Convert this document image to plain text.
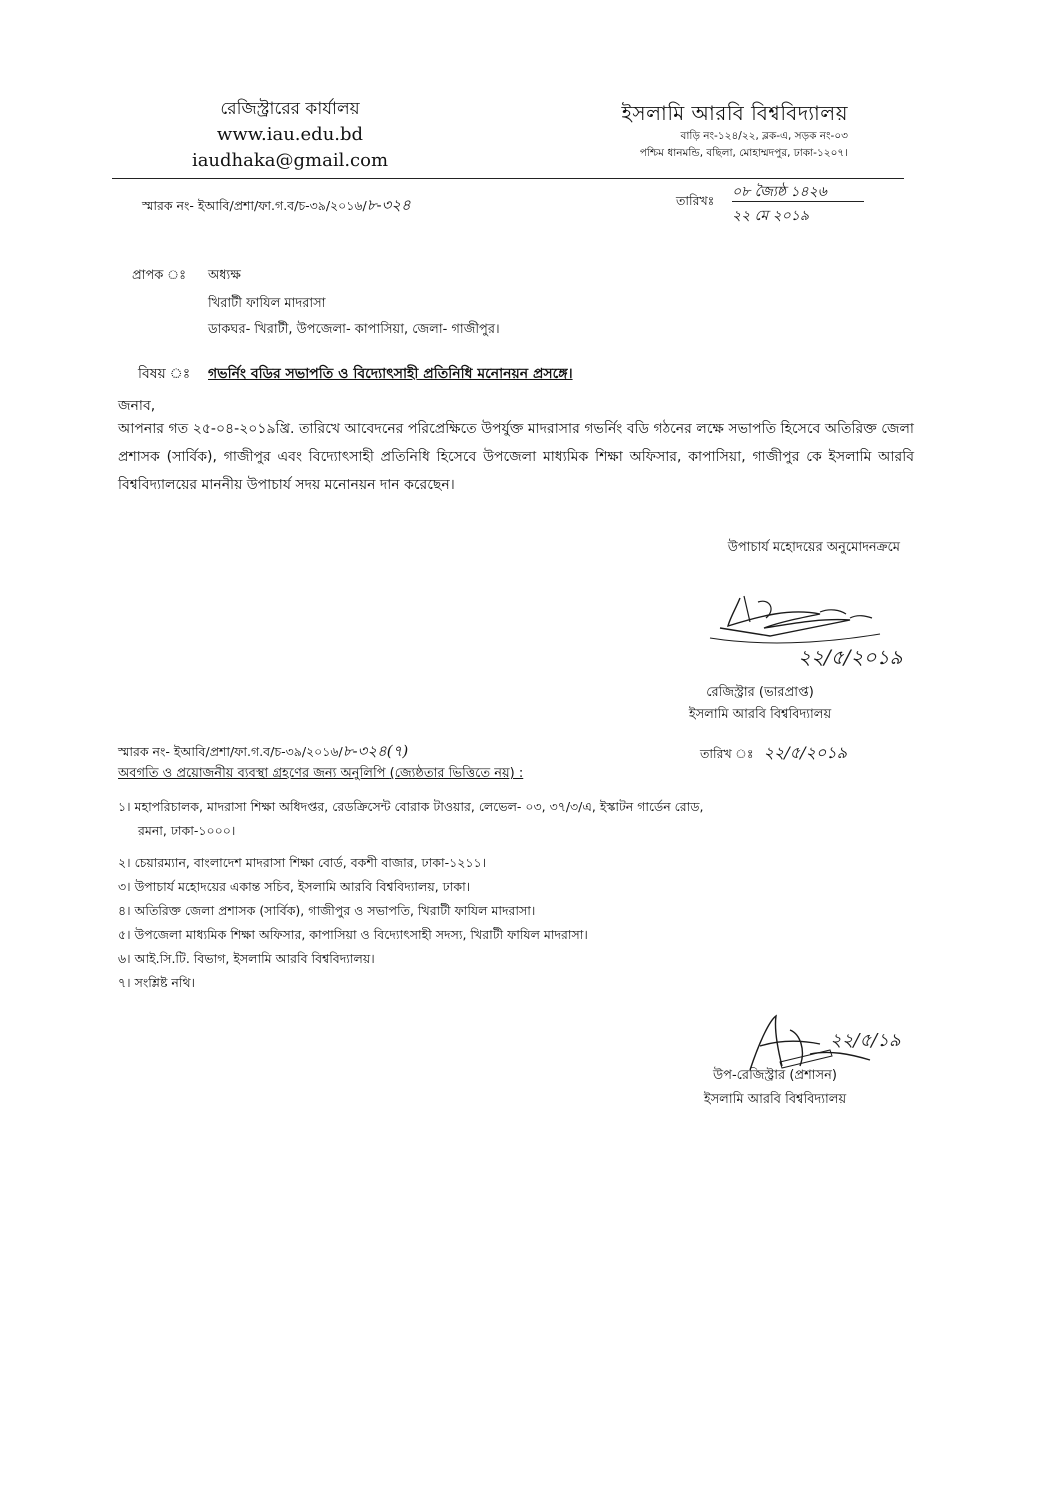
রেজিস্ট্রারের কার্যালয়
www.iau.edu.bd
iaudhaka@gmail.com
ইসলামি আরবি বিশ্ববিদ্যালয়
বাড়ি নং-১২৪/২২, ব্লক-এ, সড়ক নং-০৩
পশ্চিম ধানমন্ডি, বছিলা, মোহাম্মদপুর, ঢাকা-১২০৭।
স্মারক নং- ইআবি/প্রশা/ফা.গ.ব/চ-৩৯/২০১৬/৮-৩২৪	তারিখঃ
০৮ জ্যৈষ্ঠ ১৪২৬
২২ মে ২০১৯
প্রাপক ঃ অধ্যক্ষ
খিরাটী ফাযিল মাদরাসা
ডাকঘর- খিরাটী, উপজেলা- কাপাসিয়া, জেলা- গাজীপুর।
বিষয় ঃ গভর্নিং বডির সভাপতি ও বিদ্যোৎসাহী প্রতিনিধি মনোনয়ন প্রসঙ্গে।
জনাব,
আপনার গত ২৫-০৪-২০১৯খ্রি. তারিখে আবেদনের পরিপ্রেক্ষিতে উপর্যুক্ত মাদরাসার গভর্নিং বডি গঠনের লক্ষে সভাপতি হিসেবে অতিরিক্ত জেলা প্রশাসক (সার্বিক), গাজীপুর এবং বিদ্যোৎসাহী প্রতিনিধি হিসেবে উপজেলা মাধ্যমিক শিক্ষা অফিসার, কাপাসিয়া, গাজীপুর কে ইসলামি আরবি বিশ্ববিদ্যালয়ের মাননীয় উপাচার্য সদয় মনোনয়ন দান করেছেন।
উপাচার্য মহোদয়ের অনুমোদনক্রমে
২২/৫/২০১৯
রেজিস্ট্রার (ভারপ্রাপ্ত)
ইসলামি আরবি বিশ্ববিদ্যালয়
স্মারক নং- ইআবি/প্রশা/ফা.গ.ব/চ-৩৯/২০১৬/৮-৩২৪(৭)	তারিখ ঃ ২২/৫/২০১৯
অবগতি ও প্রয়োজনীয় ব্যবস্থা গ্রহণের জন্য অনুলিপি (জ্যেষ্ঠতার ভিত্তিতে নয়) :
১। মহাপরিচালক, মাদরাসা শিক্ষা অধিদপ্তর, রেডক্রিসেন্ট বোরাক টাওয়ার, লেভেল- ০৩, ৩৭/৩/এ, ইস্কাটন গার্ডেন রোড,
রমনা, ঢাকা-১০০০।
২। চেয়ারম্যান, বাংলাদেশ মাদরাসা শিক্ষা বোর্ড, বকশী বাজার, ঢাকা-১২১১।
৩। উপাচার্য মহোদয়ের একান্ত সচিব, ইসলামি আরবি বিশ্ববিদ্যালয়, ঢাকা।
৪। অতিরিক্ত জেলা প্রশাসক (সার্বিক), গাজীপুর ও সভাপতি, খিরাটী ফাযিল মাদরাসা।
৫। উপজেলা মাধ্যমিক শিক্ষা অফিসার, কাপাসিয়া ও বিদ্যোৎসাহী সদস্য, খিরাটী ফাযিল মাদরাসা।
৬। আই.সি.টি. বিভাগ, ইসলামি আরবি বিশ্ববিদ্যালয়।
৭। সংশ্লিষ্ট নথি।
২২/৫/১৯
উপ-রেজিস্ট্রার (প্রশাসন)
ইসলামি আরবি বিশ্ববিদ্যালয়
